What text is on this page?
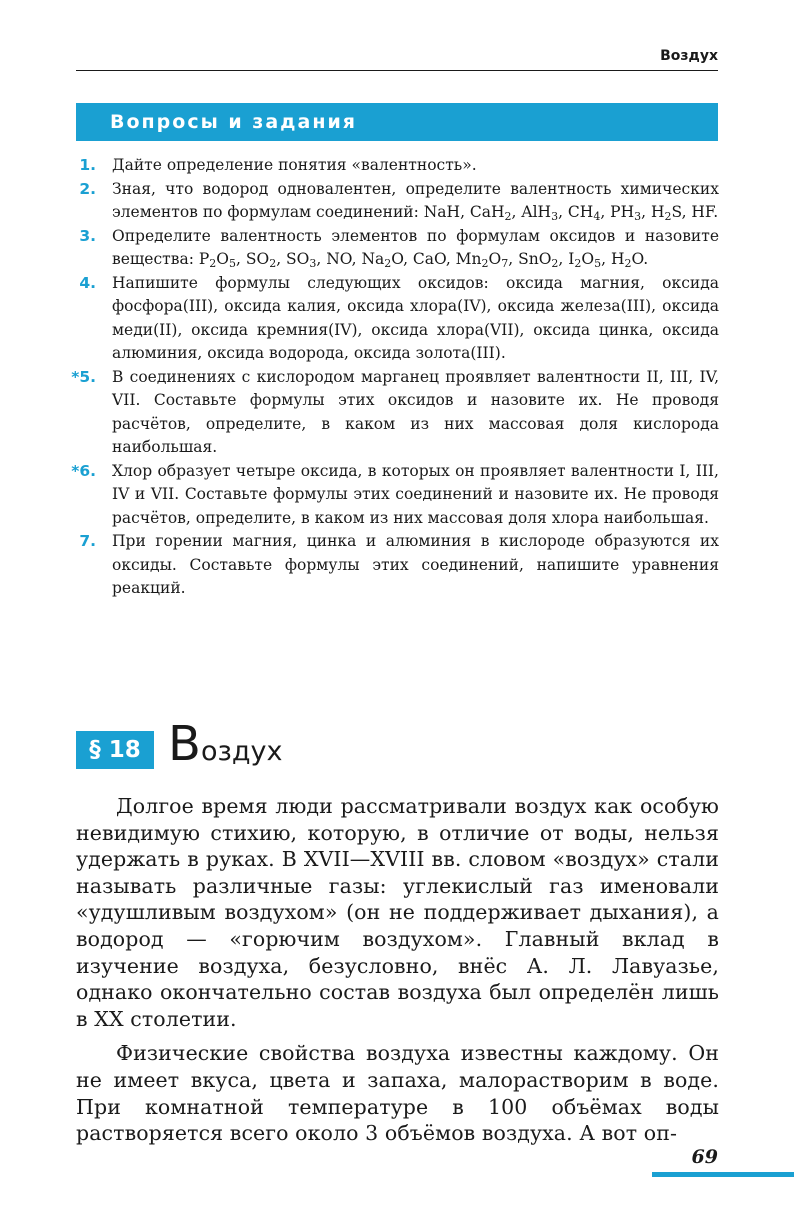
Воздух
Вопросы и задания
1. Дайте определение понятия «валентность».
2. Зная, что водород одновалентен, определите валентность химических элементов по формулам соединений: NaH, CaH$_2$, AlH$_3$, $CH_4$, $PH_3$, $H_2S$, HF.
3. Определите валентность элементов по формулам оксидов и назовите вещества: $P_2O_5$, $SO_2$, $SO_3$, NO, $Na_2O$, CaO, $Mn_2O_7$, SnO$_2$, $I_2O_5$, $H_2O$.
4. Напишите формулы следующих оксидов: оксида магния, оксида фосфора(III), оксида калия, оксида хлора(IV), оксида железа(III), оксида меди(II), оксида кремния(IV), оксида хлора(VII), оксида цинка, оксида алюминия, оксида водорода, оксида золота(III).
*5. В соединениях с кислородом марганец проявляет валентности II, III, IV, VII. Составьте формулы этих оксидов и назовите их. Не проводя расчётов, определите, в каком из них массовая доля кислорода наибольшая.
*6. Хлор образует четыре оксида, в которых он проявляет валентности I, III, IV и VII. Составьте формулы этих соединений и назовите их. Не проводя расчётов, определите, в каком из них массовая доля хлора наибольшая.
7. При горении магния, цинка и алюминия в кислороде образуются их оксиды. Составьте формулы этих соединений, напишите уравнения реакций.
§ 18 Воздух

Долгое время люди рассматривали воздух как особую невидимую стихию, которую, в отличие от воды, нельзя удержать в руках. В XVII—XVIII вв. словом «воздух» стали называть различные газы: углекислый газ именовали «удушливым воздухом» (он не поддерживает дыхания), а водород — «горючим воздухом». Главный вклад в изучение воздуха, безусловно, внёс А. Л. Лавуазье, однако окончательно состав воздуха был определён лишь в XX столетии.

Физические свойства воздуха известны каждому. Он не имеет вкуса, цвета и запаха, малорастворим в воде. При комнатной температуре в 100 объёмах воды растворяется всего около 3 объёмов воздуха. А вот оп-

69
